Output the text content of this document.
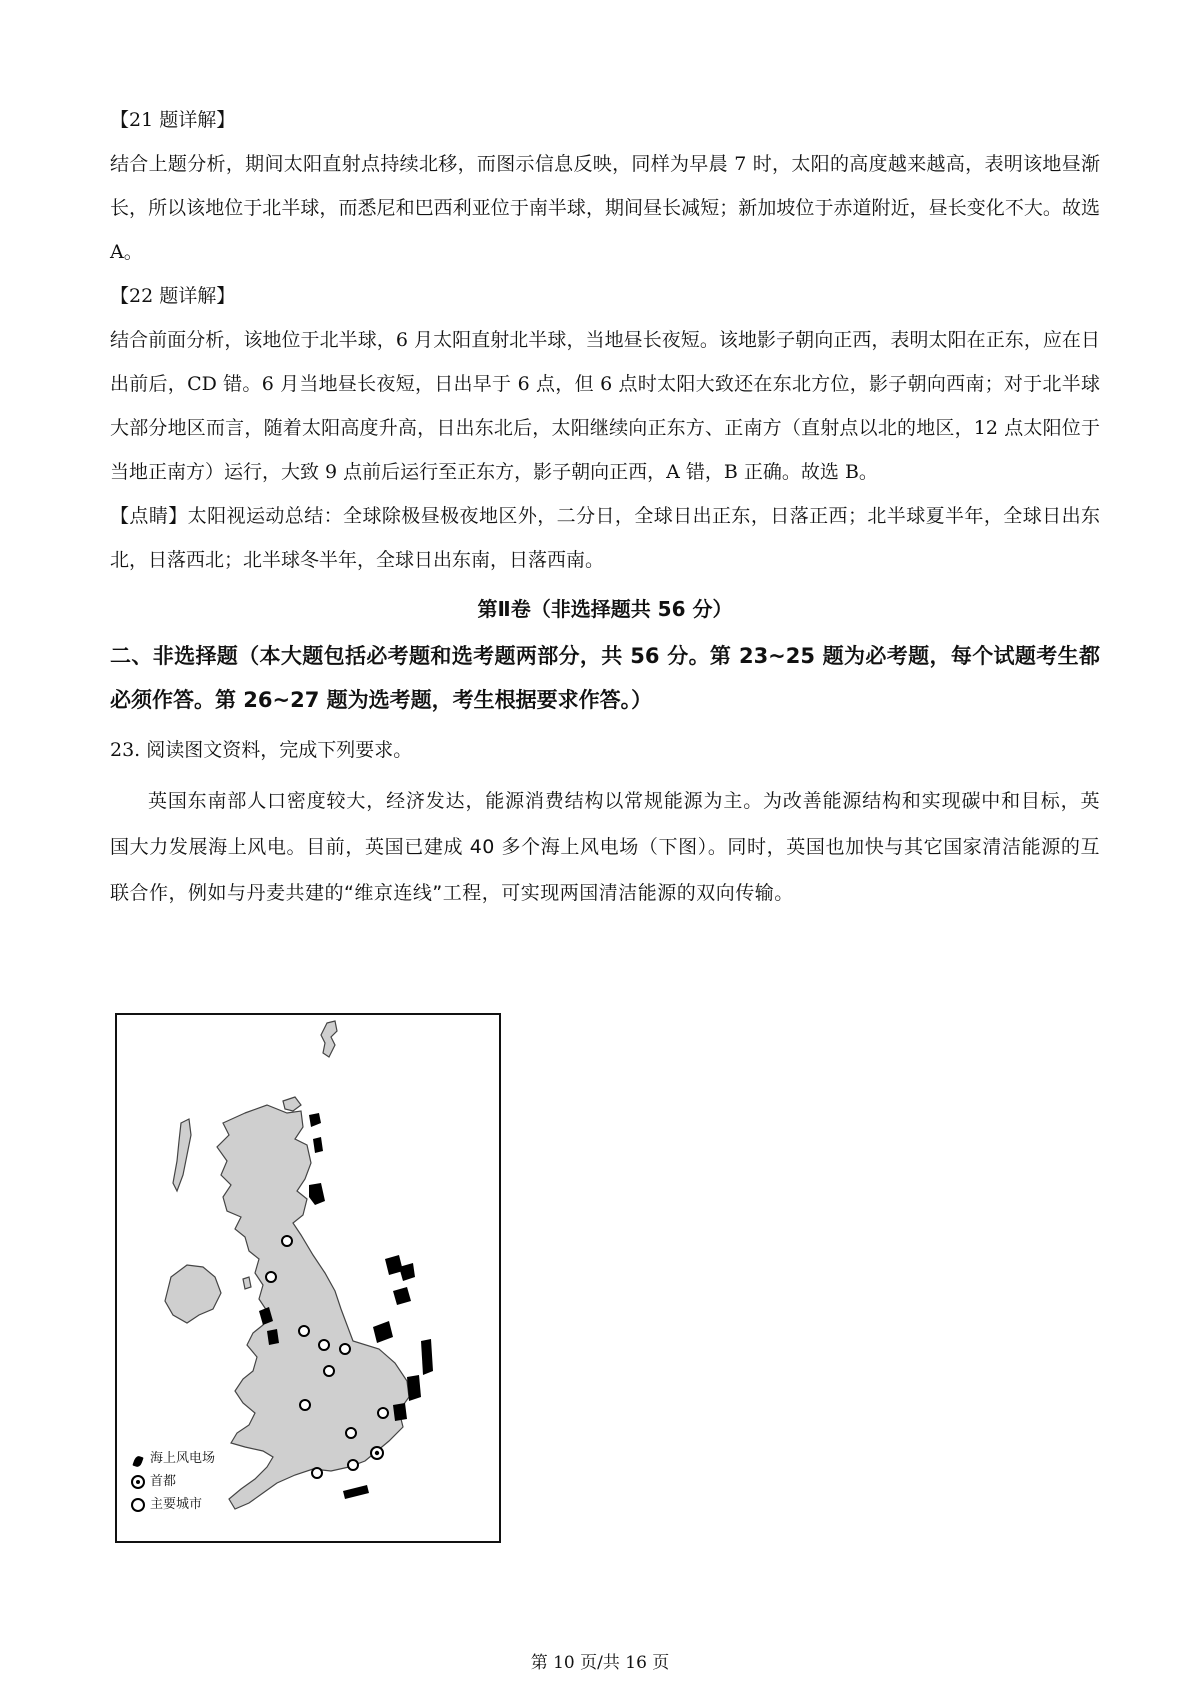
【21 题详解】

结合上题分析，期间太阳直射点持续北移，而图示信息反映，同样为早晨 7 时，太阳的高度越来越高，表明该地昼渐长，所以该地位于北半球，而悉尼和巴西利亚位于南半球，期间昼长减短；新加坡位于赤道附近，昼长变化不大。故选 A。

【22 题详解】

结合前面分析，该地位于北半球，6 月太阳直射北半球，当地昼长夜短。该地影子朝向正西，表明太阳在正东，应在日出前后，CD 错。6 月当地昼长夜短，日出早于 6 点，但 6 点时太阳大致还在东北方位，影子朝向西南；对于北半球大部分地区而言，随着太阳高度升高，日出东北后，太阳继续向正东方、正南方（直射点以北的地区，12 点太阳位于当地正南方）运行，大致 9 点前后运行至正东方，影子朝向正西，A 错，B 正确。故选 B。

【点睛】太阳视运动总结：全球除极昼极夜地区外，二分日，全球日出正东，日落正西；北半球夏半年，全球日出东北，日落西北；北半球冬半年，全球日出东南，日落西南。

第Ⅱ卷（非选择题共 56 分）

二、非选择题（本大题包括必考题和选考题两部分，共 56 分。第 23~25 题为必考题，每个试题考生都必须作答。第 26~27 题为选考题，考生根据要求作答。）

23. 阅读图文资料，完成下列要求。

英国东南部人口密度较大，经济发达，能源消费结构以常规能源为主。为改善能源结构和实现碳中和目标，英国大力发展海上风电。目前，英国已建成 40 多个海上风电场（下图）。同时，英国也加快与其它国家清洁能源的互联合作，例如与丹麦共建的“维京连线”工程，可实现两国清洁能源的双向传输。

海上风电场
首都
主要城市
第 10 页/共 16 页
